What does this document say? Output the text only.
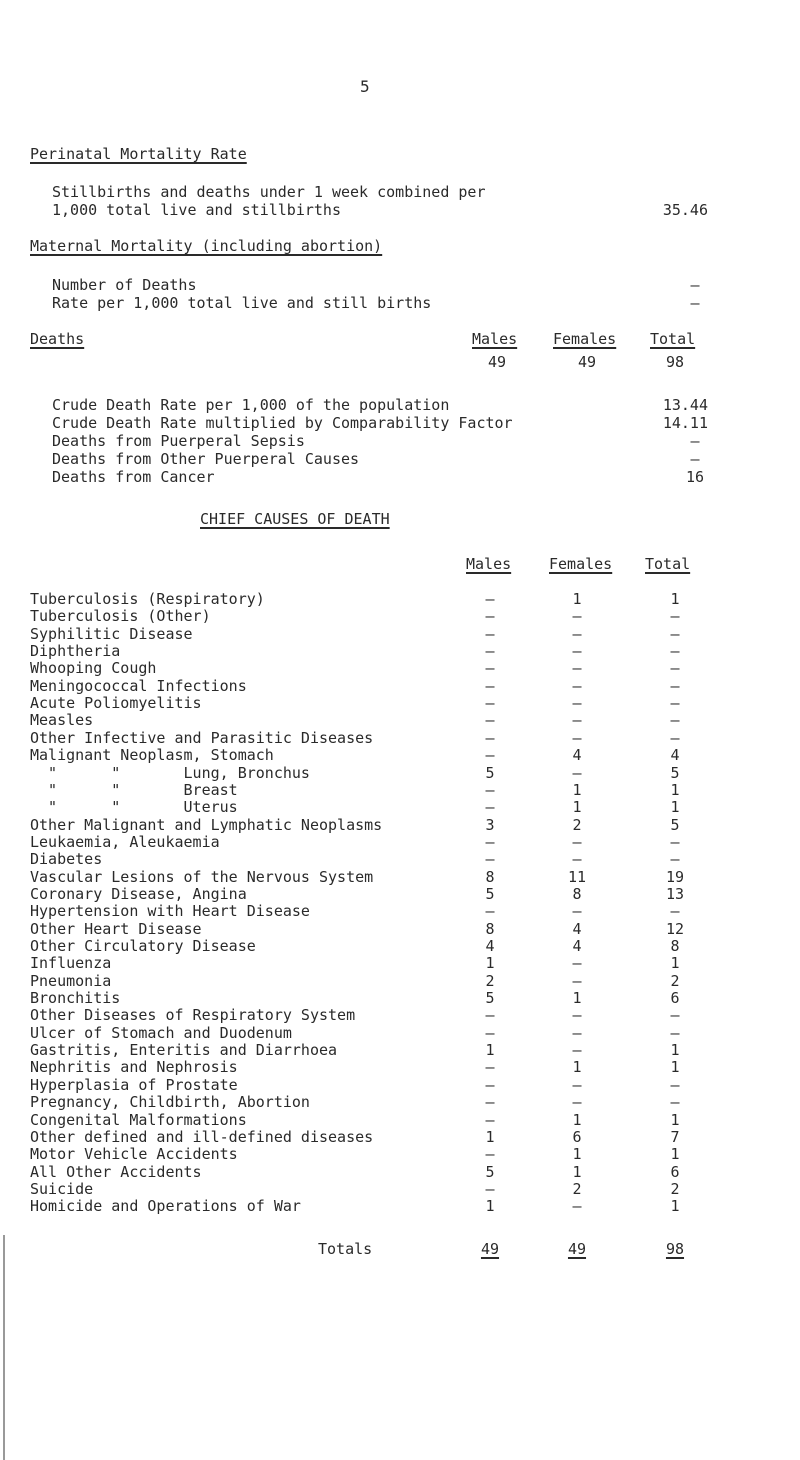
5
Perinatal Mortality Rate
Stillbirths and deaths under 1 week combined per
1,000 total live and stillbirths	35.46
Maternal Mortality (including abortion)
Number of Deaths	–
Rate per 1,000 total live and still births	–
Deaths	Males Females Total
49	49	98
Crude Death Rate per 1,000 of the population	13.44
Crude Death Rate multiplied by Comparability Factor	14.11
Deaths from Puerperal Sepsis	–
Deaths from Other Puerperal Causes	–
Deaths from Cancer	16
CHIEF CAUSES OF DEATH
Males	Females Total
Tuberculosis (Respiratory)	–	1	1
Tuberculosis (Other)	–	–	–
Syphilitic Disease	–	–	–
Diphtheria	–	–	–
Whooping Cough	–	–	–
Meningococcal Infections	–	–	–
Acute Poliomyelitis	–	–	–
Measles	–	–	–
Other Infective and Parasitic Diseases	–	–	–
Malignant Neoplasm, Stomach	–	4	4
"      "       Lung, Bronchus	5	–	5
"      "       Breast	–	1	1
"      "       Uterus	–	1	1
Other Malignant and Lymphatic Neoplasms	3	2	5
Leukaemia, Aleukaemia	–	–	–
Diabetes	–	–	–
Vascular Lesions of the Nervous System	8	11	19
Coronary Disease, Angina	5	8	13
Hypertension with Heart Disease	–	–	–
Other Heart Disease	8	4	12
Other Circulatory Disease	4	4	8
Influenza	1	–	1
Pneumonia	2	–	2
Bronchitis	5	1	6
Other Diseases of Respiratory System	–	–	–
Ulcer of Stomach and Duodenum	–	–	–
Gastritis, Enteritis and Diarrhoea	1	–	1
Nephritis and Nephrosis	–	1	1
Hyperplasia of Prostate	–	–	–
Pregnancy, Childbirth, Abortion	–	–	–
Congenital Malformations	–	1	1
Other defined and ill-defined diseases	1	6	7
Motor Vehicle Accidents	–	1	1
All Other Accidents	5	1	6
Suicide	–	2	2
Homicide and Operations of War	1	–	1
Totals	49	49	98
